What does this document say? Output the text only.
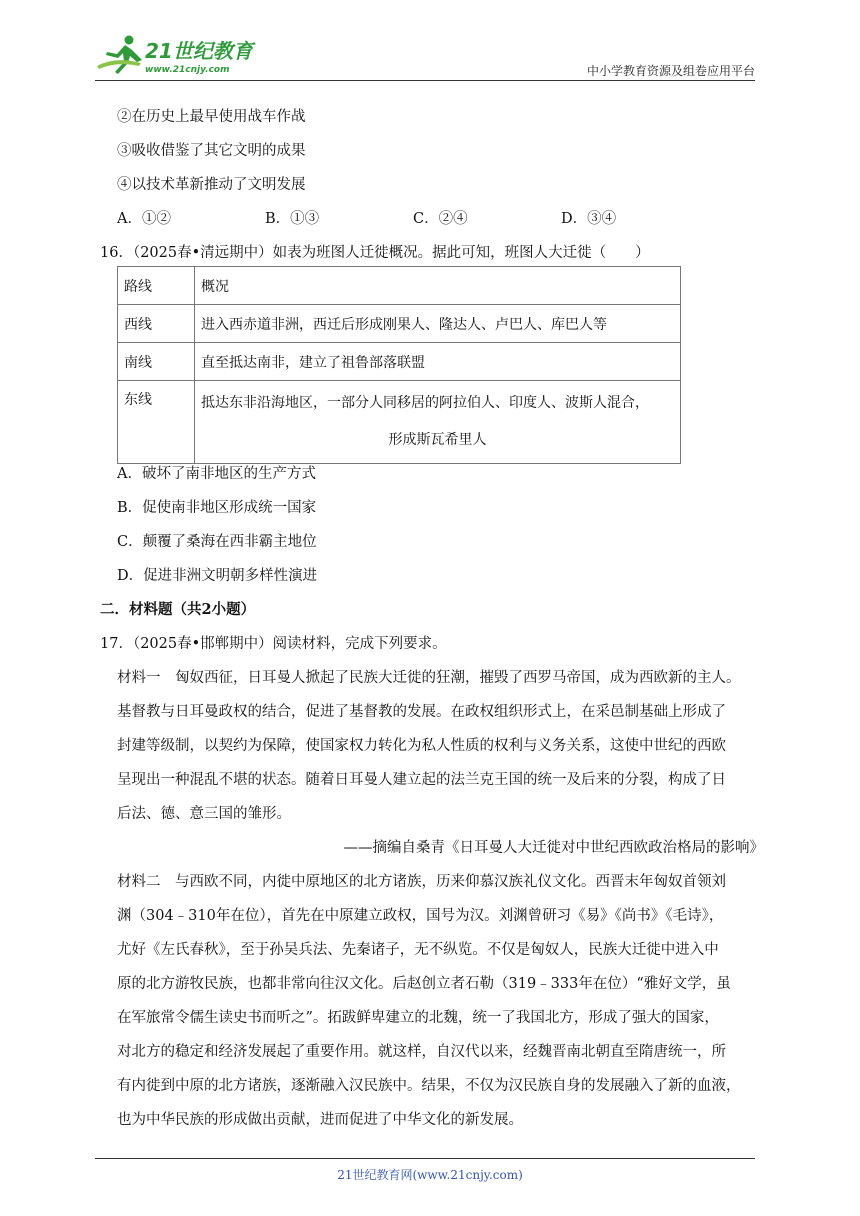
21世纪教育
www.21cnjy.com	中小学教育资源及组卷应用平台
②在历史上最早使用战车作战
③吸收借鉴了其它文明的成果
④以技术革新推动了文明发展
A．①②	B．①③	C．②④	D．③④
16．（2025春•清远期中）如表为班图人迁徙概况。据此可知，班图人大迁徙（　　）
路线	概况
西线	进入西赤道非洲，西迁后形成刚果人、隆达人、卢巴人、库巴人等
南线	直至抵达南非，建立了祖鲁部落联盟
东线	抵达东非沿海地区，一部分人同移居的阿拉伯人、印度人、波斯人混合，
形成斯瓦希里人
A．破坏了南非地区的生产方式
B．促使南非地区形成统一国家
C．颠覆了桑海在西非霸主地位
D．促进非洲文明朝多样性演进
二．材料题（共2小题）
17．（2025春•邯郸期中）阅读材料，完成下列要求。
材料一　匈奴西征，日耳曼人掀起了民族大迁徙的狂潮，摧毁了西罗马帝国，成为西欧新的主人。
基督教与日耳曼政权的结合，促进了基督教的发展。在政权组织形式上，在采邑制基础上形成了
封建等级制，以契约为保障，使国家权力转化为私人性质的权利与义务关系，这使中世纪的西欧
呈现出一种混乱不堪的状态。随着日耳曼人建立起的法兰克王国的统一及后来的分裂，构成了日
后法、德、意三国的雏形。
——摘编自桑青《日耳曼人大迁徙对中世纪西欧政治格局的影响》
材料二　与西欧不同，内徙中原地区的北方诸族，历来仰慕汉族礼仪文化。西晋末年匈奴首领刘
渊（304﹣310年在位），首先在中原建立政权，国号为汉。刘渊曾研习《易》《尚书》《毛诗》，
尤好《左氏春秋》，至于孙吴兵法、先秦诸子，无不纵览。不仅是匈奴人，民族大迁徙中进入中
原的北方游牧民族，也都非常向往汉文化。后赵创立者石勒（319﹣333年在位）“雅好文学，虽
在军旅常令儒生读史书而听之”。拓跋鲜卑建立的北魏，统一了我国北方，形成了强大的国家，
对北方的稳定和经济发展起了重要作用。就这样，自汉代以来，经魏晋南北朝直至隋唐统一，所
有内徙到中原的北方诸族，逐渐融入汉民族中。结果，不仅为汉民族自身的发展融入了新的血液，
也为中华民族的形成做出贡献，进而促进了中华文化的新发展。
21世纪教育网(www.21cnjy.com)
